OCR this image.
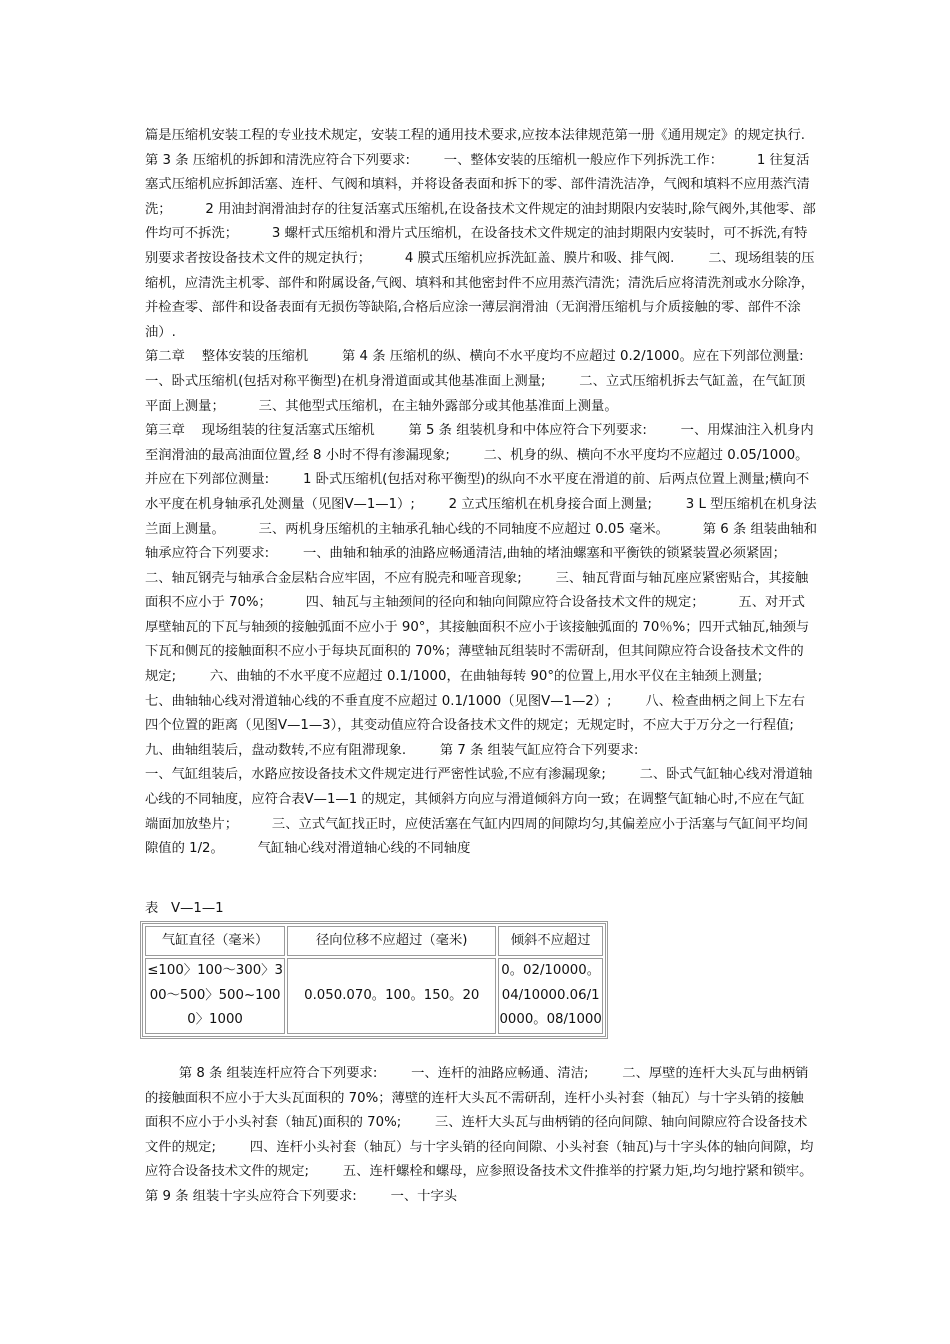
篇是压缩机安装工程的专业技术规定，安装工程的通用技术要求,应按本法律规范第一册《通用规定》的规定执行.        第 3 条 压缩机的拆卸和清洗应符合下列要求:        一、整体安装的压缩机一般应作下列拆洗工作：        1 往复活塞式压缩机应拆卸活塞、连杆、气阀和填料，并将设备表面和拆下的零、部件清洗洁净，气阀和填料不应用蒸汽清洗；        2 用油封润滑油封存的往复活塞式压缩机,在设备技术文件规定的油封期限内安装时,除气阀外,其他零、部件均可不拆洗；        3 螺杆式压缩机和滑片式压缩机，在设备技术文件规定的油封期限内安装时，可不拆洗,有特别要求者按设备技术文件的规定执行；        4 膜式压缩机应拆洗缸盖、膜片和吸、排气阀.        二、现场组装的压缩机，应清洗主机零、部件和附属设备,气阀、填料和其他密封件不应用蒸汽清洗；清洗后应将清洗剂或水分除净，并检查零、部件和设备表面有无损伤等缺陷,合格后应涂一薄层润滑油（无润滑压缩机与介质接触的零、部件不涂油）.
第二章    整体安装的压缩机        第 4 条 压缩机的纵、横向不水平度均不应超过 0.2/1000。应在下列部位测量:        一、卧式压缩机(包括对称平衡型)在机身滑道面或其他基准面上测量;        二、立式压缩机拆去气缸盖，在气缸顶平面上测量；        三、其他型式压缩机，在主轴外露部分或其他基准面上测量。
第三章    现场组装的往复活塞式压缩机        第 5 条 组装机身和中体应符合下列要求:        一、用煤油注入机身内至润滑油的最高油面位置,经 8 小时不得有渗漏现象;        二、机身的纵、横向不水平度均不应超过 0.05/1000。并应在下列部位测量:        1 卧式压缩机(包括对称平衡型)的纵向不水平度在滑道的前、后两点位置上测量;横向不水平度在机身轴承孔处测量（见图Ⅴ—1—1）;        2 立式压缩机在机身接合面上测量;        3 L 型压缩机在机身法兰面上测量。        三、两机身压缩机的主轴承孔轴心线的不同轴度不应超过 0.05 毫米。        第 6 条 组装曲轴和轴承应符合下列要求:        一、曲轴和轴承的油路应畅通清洁,曲轴的堵油螺塞和平衡铁的锁紧装置必须紧固；        二、轴瓦钢壳与轴承合金层粘合应牢固，不应有脱壳和哑音现象;        三、轴瓦背面与轴瓦座应紧密贴合，其接触面积不应小于 70%；        四、轴瓦与主轴颈间的径向和轴向间隙应符合设备技术文件的规定；        五、对开式厚壁轴瓦的下瓦与轴颈的接触弧面不应小于 90°，其接触面积不应小于该接触弧面的 70％%；四开式轴瓦,轴颈与下瓦和侧瓦的接触面积不应小于每块瓦面积的 70%；薄壁轴瓦组装时不需研刮，但其间隙应符合设备技术文件的规定;        六、曲轴的不水平度不应超过 0.1/1000，在曲轴每转 90°的位置上,用水平仪在主轴颈上测量;        七、曲轴轴心线对滑道轴心线的不垂直度不应超过 0.1/1000（见图Ⅴ—1—2）;        八、检查曲柄之间上下左右四个位置的距离（见图Ⅴ—1—3），其变动值应符合设备技术文件的规定；无规定时，不应大于万分之一行程值;        九、曲轴组装后，盘动数转,不应有阻滞现象.        第 7 条 组装气缸应符合下列要求:
一、气缸组装后，水路应按设备技术文件规定进行严密性试验,不应有渗漏现象;        二、卧式气缸轴心线对滑道轴心线的不同轴度，应符合表Ⅴ—1—1 的规定，其倾斜方向应与滑道倾斜方向一致；在调整气缸轴心时,不应在气缸端面加放垫片；        三、立式气缸找正时，应使活塞在气缸内四周的间隙均匀,其偏差应小于活塞与气缸间平均间隙值的 1/2。        气缸轴心线对滑道轴心线的不同轴度

表   Ⅴ—1—1
气缸直径（毫米）	径向位移不应超过（毫米)	倾斜不应超过
≤100〉100～300〉300～500〉500~1000〉1000	0.050.070。100。150。20	0。02/10000。04/10000.06/10000。08/1000

第 8 条 组装连杆应符合下列要求:        一、连杆的油路应畅通、清洁;        二、厚壁的连杆大头瓦与曲柄销的接触面积不应小于大头瓦面积的 70%；薄壁的连杆大头瓦不需研刮，连杆小头衬套（轴瓦）与十字头销的接触面积不应小于小头衬套（轴瓦)面积的 70%;        三、连杆大头瓦与曲柄销的径向间隙、轴向间隙应符合设备技术文件的规定;        四、连杆小头衬套（轴瓦）与十字头销的径向间隙、小头衬套（轴瓦)与十字头体的轴向间隙，均应符合设备技术文件的规定;        五、连杆螺栓和螺母，应参照设备技术文件推举的拧紧力矩,均匀地拧紧和锁牢。        第 9 条 组装十字头应符合下列要求:        一、十字头
